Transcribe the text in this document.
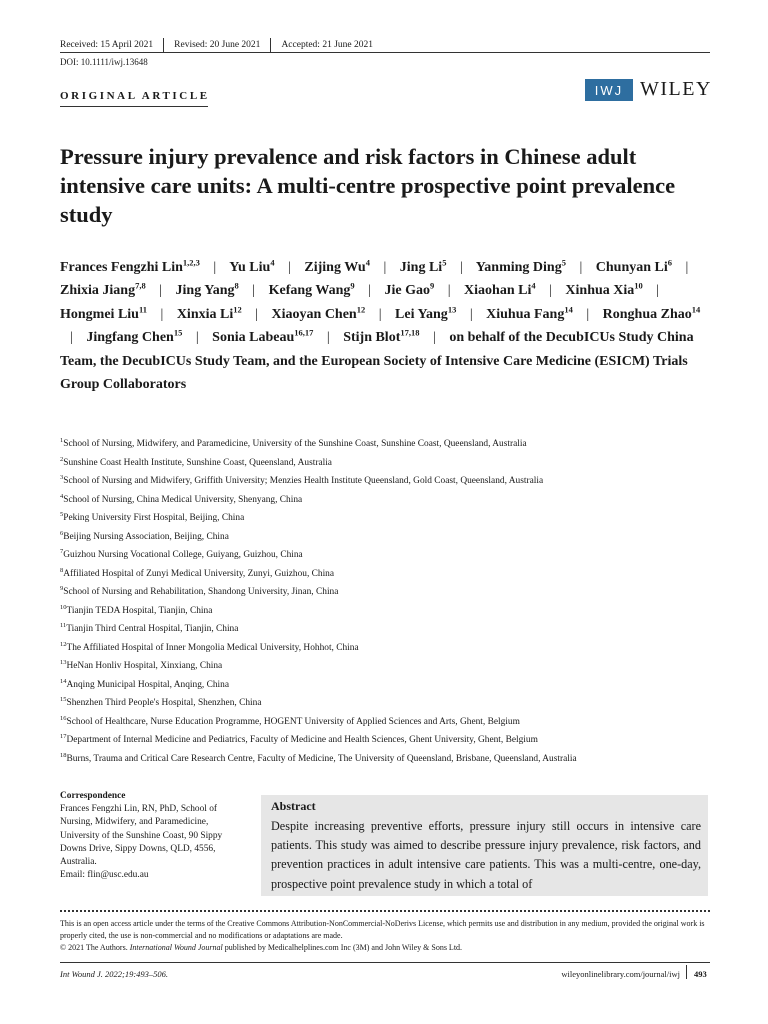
Received: 15 April 2021 Revised: 20 June 2021 Accepted: 21 June 2021
DOI: 10.1111/iwj.13648
ORIGINAL ARTICLE	IWJ WILEY
Pressure injury prevalence and risk factors in Chinese adult intensive care units: A multi-centre prospective point prevalence study
Frances Fengzhi Lin$^{1,2,3}$ | Yu Liu$^4$ | Zijing Wu$^4$ | Jing Li$^5$ | Yanming Ding$^5$ | Chunyan Li$^6$ | Zhixia Jiang$^{7,8}$ | Jing Yang$^8$ | Kefang Wang$^9$ | Jie Gao$^9$ | Xiaohan Li$^4$ | Xinhua Xia$^{10}$ | Hongmei Liu$^{11}$ | Xinxia Li$^{12}$ | Xiaoyan Chen$^{12}$ | Lei Yang$^{13}$ | Xiuhua Fang$^{14}$ | Ronghua Zhao$^{14}$ | Jingfang Chen$^{15}$ | Sonia Labeau$^{16,17}$ | Stijn Blot$^{17,18}$ | on behalf of the DecubICUs Study China Team, the DecubICUs Study Team, and the European Society of Intensive Care Medicine (ESICM) Trials Group Collaborators
$^1$School of Nursing, Midwifery, and Paramedicine, University of the Sunshine Coast, Sunshine Coast, Queensland, Australia
$^2$Sunshine Coast Health Institute, Sunshine Coast, Queensland, Australia
$^3$School of Nursing and Midwifery, Griffith University; Menzies Health Institute Queensland, Gold Coast, Queensland, Australia
$^4$School of Nursing, China Medical University, Shenyang, China
$^5$Peking University First Hospital, Beijing, China
$^6$Beijing Nursing Association, Beijing, China
$^7$Guizhou Nursing Vocational College, Guiyang, Guizhou, China
$^8$Affiliated Hospital of Zunyi Medical University, Zunyi, Guizhou, China
$^9$School of Nursing and Rehabilitation, Shandong University, Jinan, China
$^{10}$Tianjin TEDA Hospital, Tianjin, China
$^{11}$Tianjin Third Central Hospital, Tianjin, China
$^{12}$The Affiliated Hospital of Inner Mongolia Medical University, Hohhot, China
$^{13}$HeNan Honliv Hospital, Xinxiang, China
$^{14}$Anqing Municipal Hospital, Anqing, China
$^{15}$Shenzhen Third People's Hospital, Shenzhen, China
$^{16}$School of Healthcare, Nurse Education Programme, HOGENT University of Applied Sciences and Arts, Ghent, Belgium
$^{17}$Department of Internal Medicine and Pediatrics, Faculty of Medicine and Health Sciences, Ghent University, Ghent, Belgium
$^{18}$Burns, Trauma and Critical Care Research Centre, Faculty of Medicine, The University of Queensland, Brisbane, Queensland, Australia
Correspondence
Frances Fengzhi Lin, RN, PhD, School of Nursing, Midwifery, and Paramedicine, University of the Sunshine Coast, 90 Sippy Downs Drive, Sippy Downs, QLD, 4556, Australia.
Email: flin@usc.edu.au
Abstract
Despite increasing preventive efforts, pressure injury still occurs in intensive care patients. This study was aimed to describe pressure injury prevalence, risk factors, and prevention practices in adult intensive care patients. This was a multi-centre, one-day, prospective point prevalence study in which a total of
This is an open access article under the terms of the Creative Commons Attribution-NonCommercial-NoDerivs License, which permits use and distribution in any medium, provided the original work is properly cited, the use is non-commercial and no modifications or adaptations are made.
© 2021 The Authors. International Wound Journal published by Medicalhelplines.com Inc (3M) and John Wiley & Sons Ltd.
Int Wound J. 2022;19:493–506.	wileyonlinelibrary.com/journal/iwj 493
